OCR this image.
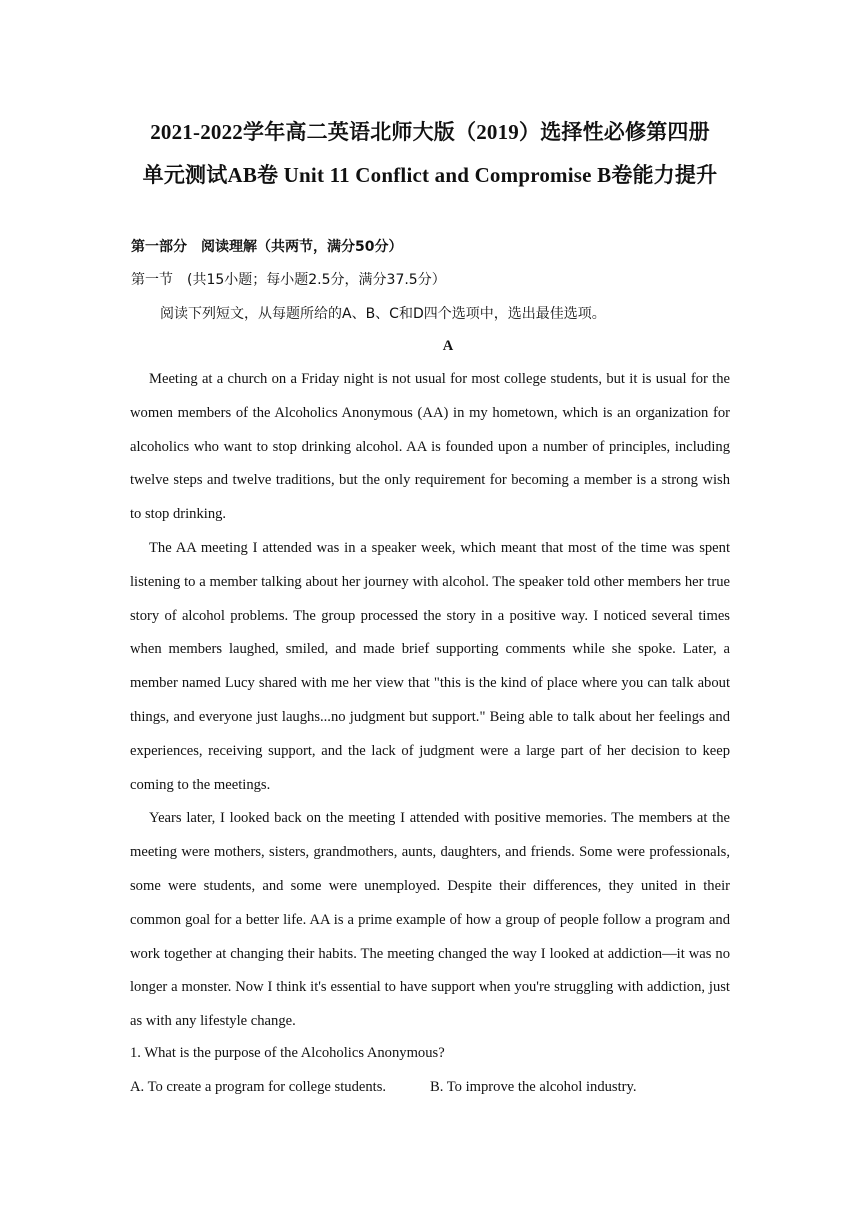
2021-2022学年高二英语北师大版（2019）选择性必修第四册
单元测试AB卷 Unit 11 Conflict and Compromise B卷能力提升
第一部分　阅读理解（共两节，满分50分）
第一节　(共15小题；每小题2.5分，满分37.5分）
阅读下列短文，从每题所给的A、B、C和D四个选项中，选出最佳选项。
A

Meeting at a church on a Friday night is not usual for most college students, but it is usual for the women members of the Alcoholics Anonymous (AA) in my hometown, which is an organization for alcoholics who want to stop drinking alcohol. AA is founded upon a number of principles, including twelve steps and twelve traditions, but the only requirement for becoming a member is a strong wish to stop drinking.

The AA meeting I attended was in a speaker week, which meant that most of the time was spent listening to a member talking about her journey with alcohol. The speaker told other members her true story of alcohol problems. The group processed the story in a positive way. I noticed several times when members laughed, smiled, and made brief supporting comments while she spoke. Later, a member named Lucy shared with me her view that "this is the kind of place where you can talk about things, and everyone just laughs...no judgment but support." Being able to talk about her feelings and experiences, receiving support, and the lack of judgment were a large part of her decision to keep coming to the meetings.

Years later, I looked back on the meeting I attended with positive memories. The members at the meeting were mothers, sisters, grandmothers, aunts, daughters, and friends. Some were professionals, some were students, and some were unemployed. Despite their differences, they united in their common goal for a better life. AA is a prime example of how a group of people follow a program and work together at changing their habits. The meeting changed the way I looked at addiction—it was no longer a monster. Now I think it's essential to have support when you're struggling with addiction, just as with any lifestyle change.

1. What is the purpose of the Alcoholics Anonymous?
A. To create a program for college students.	B. To improve the alcohol industry.
